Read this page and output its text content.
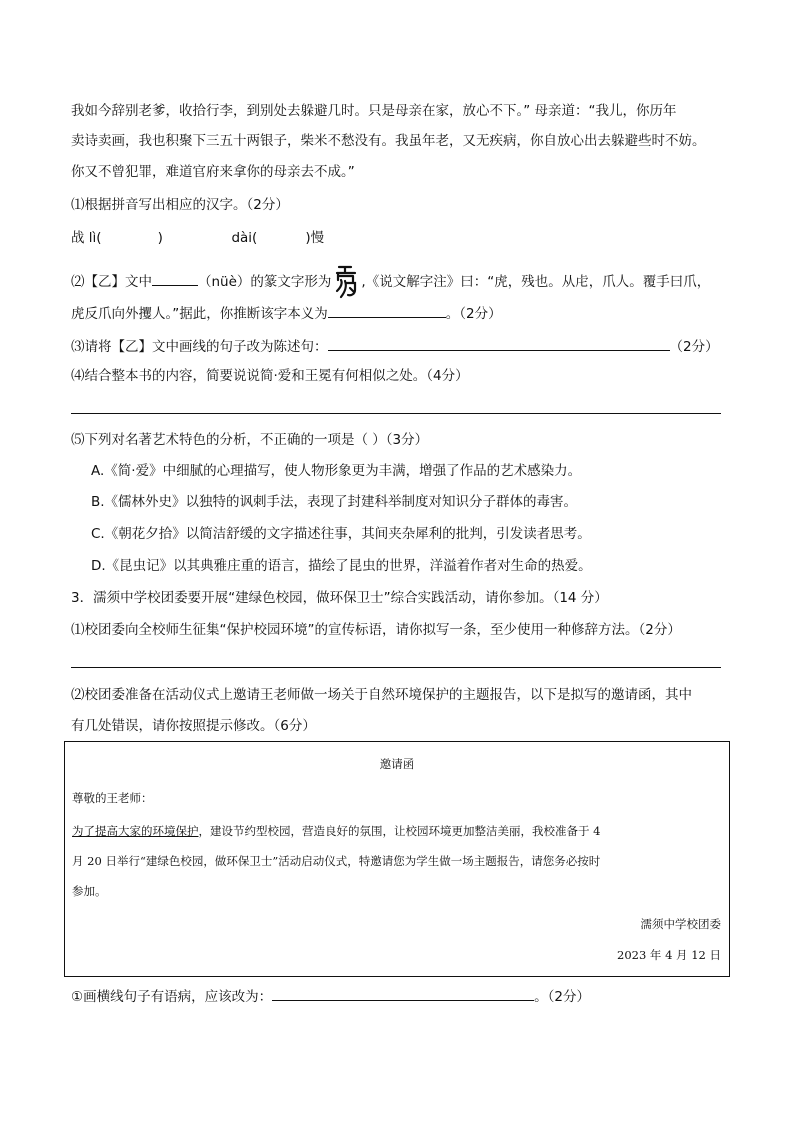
我如今辞别老爹，收拾行李，到别处去躲避几时。只是母亲在家，放心不下。” 母亲道：“我儿，你历年
卖诗卖画，我也积聚下三五十两银子，柴米不愁没有。我虽年老，又无疾病，你自放心出去躲避些时不妨。
你又不曾犯罪，难道官府来拿你的母亲去不成。”
⑴根据拼音写出相应的汉字。（2分）
战 lì(	)	dài(	)慢
⑵【乙】文中	（nüè）的篆文字形为 ,《说文解字注》曰：“虎，残也。从虍，爪人。覆手曰爪，
虎反爪向外攫人。”据此，你推断该字本义为	。（2分）
⑶请将【乙】文中画线的句子改为陈述句：	（2分）
⑷结合整本书的内容，简要说说简·爱和王冕有何相似之处。（4分）
⑸下列对名著艺术特色的分析，不正确的一项是（ ）（3分）
A.《简·爱》中细腻的心理描写，使人物形象更为丰满，增强了作品的艺术感染力。
B.《儒林外史》以独特的讽刺手法，表现了封建科举制度对知识分子群体的毒害。
C.《朝花夕拾》以简洁舒缓的文字描述往事，其间夹杂犀利的批判，引发读者思考。
D.《昆虫记》以其典雅庄重的语言，描绘了昆虫的世界，洋溢着作者对生命的热爱。
3．濡须中学校团委要开展“建绿色校园，做环保卫士”综合实践活动，请你参加。（14 分）
⑴校团委向全校师生征集“保护校园环境”的宣传标语，请你拟写一条，至少使用一种修辞方法。（2分）
⑵校团委准备在活动仪式上邀请王老师做一场关于自然环境保护的主题报告，以下是拟写的邀请函，其中
有几处错误，请你按照提示修改。（6分）
邀请函
尊敬的王老师：
为了提高大家的环境保护，建设节约型校园，营造良好的氛围，让校园环境更加整洁美丽，我校准备于 4
月 20 日举行“建绿色校园，做环保卫士”活动启动仪式，特邀请您为学生做一场主题报告，请您务必按时
参加。
濡须中学校团委
2023 年 4 月 12 日
①画横线句子有语病，应该改为：	。（2分）
